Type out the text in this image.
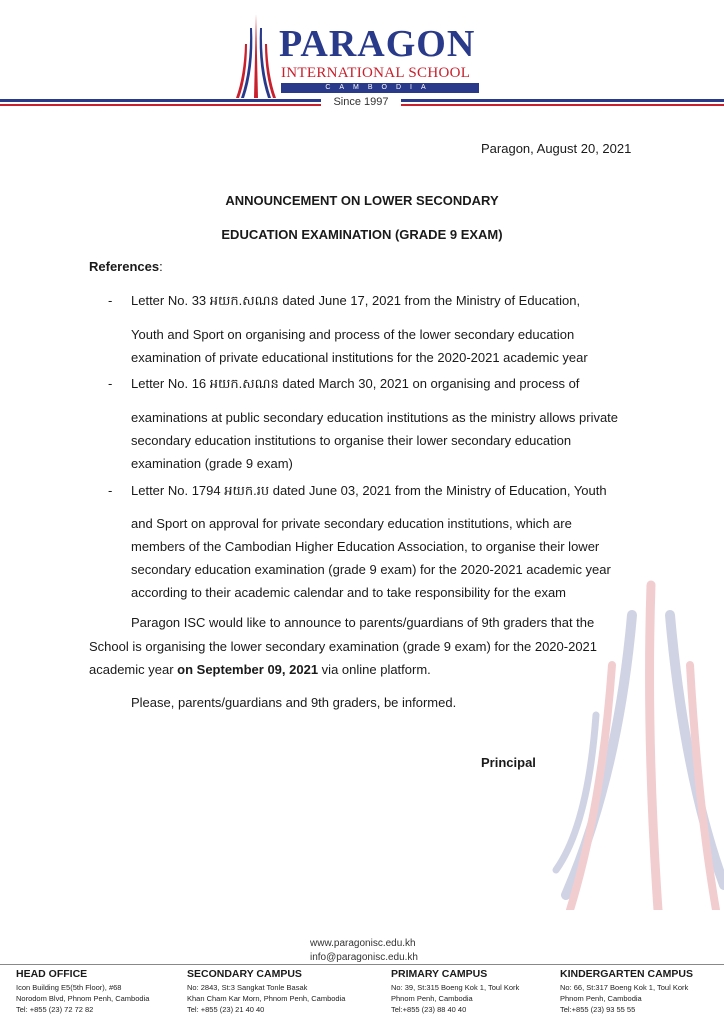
PARAGON
INTERNATIONAL SCHOOL
CAMBODIA
Since 1997
Paragon, August 20, 2021
ANNOUNCEMENT ON LOWER SECONDARY
EDUCATION EXAMINATION (GRADE 9 EXAM)
References:
- Letter No. 33 អយក.សណន dated June 17, 2021 from the Ministry of Education,
Youth and Sport on organising and process of the lower secondary education
examination of private educational institutions for the 2020-2021 academic year
- Letter No. 16 អយក.សណន dated March 30, 2021 on organising and process of
examinations at public secondary education institutions as the ministry allows private
secondary education institutions to organise their lower secondary education
examination (grade 9 exam)
- Letter No. 1794 អយក.រប dated June 03, 2021 from the Ministry of Education, Youth
and Sport on approval for private secondary education institutions, which are
members of the Cambodian Higher Education Association, to organise their lower
secondary education examination (grade 9 exam) for the 2020-2021 academic year
according to their academic calendar and to take responsibility for the exam
Paragon ISC would like to announce to parents/guardians of 9th graders that the
School is organising the lower secondary examination (grade 9 exam) for the 2020-2021
academic year on September 09, 2021 via online platform.
Please, parents/guardians and 9th graders, be informed.
Principal
www.paragonisc.edu.kh
info@paragonisc.edu.kh
HEAD OFFICE
Icon Building E5(5th Floor), #68
Norodom Blvd, Phnom Penh, Cambodia
Tel: +855 (23) 72 72 82
SECONDARY CAMPUS
No: 2843, St:3 Sangkat Tonle Basak
Khan Cham Kar Morn, Phnom Penh, Cambodia
Tel: +855 (23) 21 40 40
PRIMARY CAMPUS
No: 39, St:315 Boeng Kok 1, Toul Kork
Phnom Penh, Cambodia
Tel:+855 (23) 88 40 40
KINDERGARTEN CAMPUS
No: 66, St:317 Boeng Kok 1, Toul Kork
Phnom Penh, Cambodia
Tel:+855 (23) 93 55 55
